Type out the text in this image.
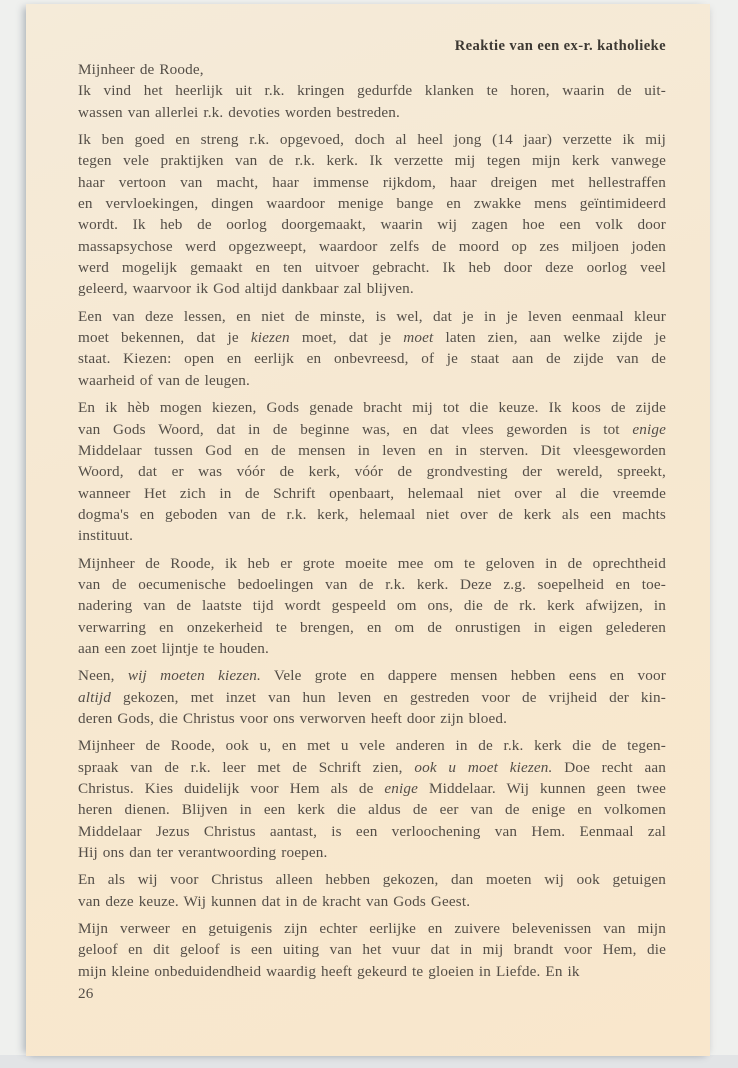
Reaktie van een ex-r. katholieke
Mijnheer de Roode,
Ik vind het heerlijk uit r.k. kringen gedurfde klanken te horen, waarin de uit-
wassen van allerlei r.k. devoties worden bestreden.
Ik ben goed en streng r.k. opgevoed, doch al heel jong (14 jaar) verzette ik mij
tegen vele praktijken van de r.k. kerk. Ik verzette mij tegen mijn kerk vanwege
haar vertoon van macht, haar immense rijkdom, haar dreigen met hellestraffen
en vervloekingen, dingen waardoor menige bange en zwakke mens geïntimideerd
wordt. Ik heb de oorlog doorgemaakt, waarin wij zagen hoe een volk door
massapsychose werd opgezweept, waardoor zelfs de moord op zes miljoen joden
werd mogelijk gemaakt en ten uitvoer gebracht. Ik heb door deze oorlog veel
geleerd, waarvoor ik God altijd dankbaar zal blijven.
Een van deze lessen, en niet de minste, is wel, dat je in je leven eenmaal kleur
moet bekennen, dat je kiezen moet, dat je moet laten zien, aan welke zijde je
staat. Kiezen: open en eerlijk en onbevreesd, of je staat aan de zijde van de
waarheid of van de leugen.
En ik hèb mogen kiezen, Gods genade bracht mij tot die keuze. Ik koos de zijde
van Gods Woord, dat in de beginne was, en dat vlees geworden is tot enige
Middelaar tussen God en de mensen in leven en in sterven. Dit vleesgeworden
Woord, dat er was vóór de kerk, vóór de grondvesting der wereld, spreekt,
wanneer Het zich in de Schrift openbaart, helemaal niet over al die vreemde
dogma's en geboden van de r.k. kerk, helemaal niet over de kerk als een machts
instituut.
Mijnheer de Roode, ik heb er grote moeite mee om te geloven in de oprechtheid
van de oecumenische bedoelingen van de r.k. kerk. Deze z.g. soepelheid en toe-
nadering van de laatste tijd wordt gespeeld om ons, die de rk. kerk afwijzen, in
verwarring en onzekerheid te brengen, en om de onrustigen in eigen gelederen
aan een zoet lijntje te houden.
Neen, wij moeten kiezen. Vele grote en dappere mensen hebben eens en voor
altijd gekozen, met inzet van hun leven en gestreden voor de vrijheid der kin-
deren Gods, die Christus voor ons verworven heeft door zijn bloed.
Mijnheer de Roode, ook u, en met u vele anderen in de r.k. kerk die de tegen-
spraak van de r.k. leer met de Schrift zien, ook u moet kiezen. Doe recht aan
Christus. Kies duidelijk voor Hem als de enige Middelaar. Wij kunnen geen twee
heren dienen. Blijven in een kerk die aldus de eer van de enige en volkomen
Middelaar Jezus Christus aantast, is een verloochening van Hem. Eenmaal zal
Hij ons dan ter verantwoording roepen.
En als wij voor Christus alleen hebben gekozen, dan moeten wij ook getuigen
van deze keuze. Wij kunnen dat in de kracht van Gods Geest.
Mijn verweer en getuigenis zijn echter eerlijke en zuivere belevenissen van mijn
geloof en dit geloof is een uiting van het vuur dat in mij brandt voor Hem, die
mijn kleine onbeduidendheid waardig heeft gekeurd te gloeien in Liefde. En ik
26
